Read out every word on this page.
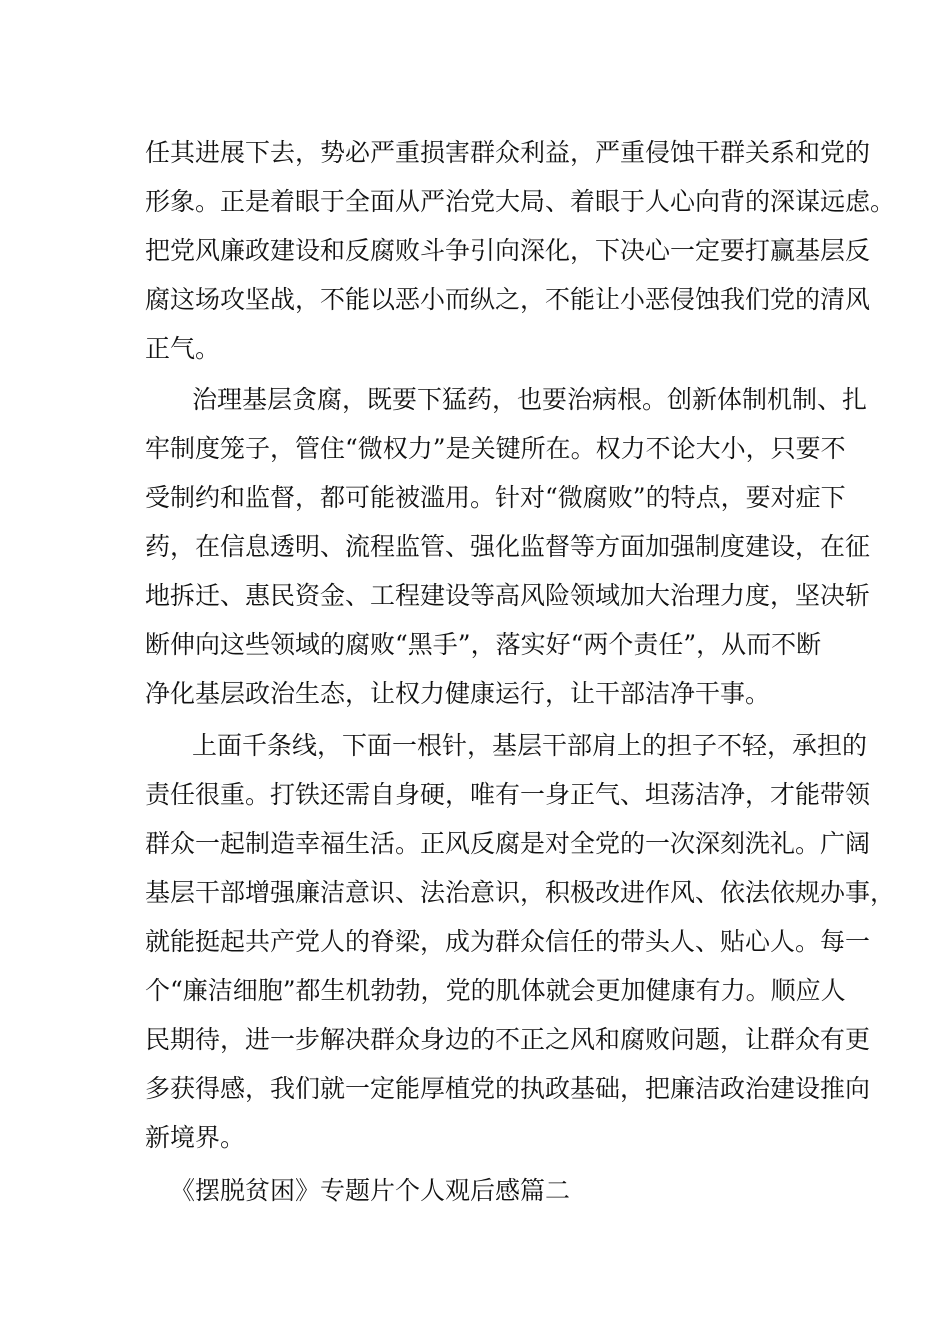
任其进展下去，势必严重损害群众利益，严重侵蚀干群关系和党的
形象。正是着眼于全面从严治党大局、着眼于人心向背的深谋远虑。
把党风廉政建设和反腐败斗争引向深化，下决心一定要打赢基层反
腐这场攻坚战，不能以恶小而纵之，不能让小恶侵蚀我们党的清风
正气。
治理基层贪腐，既要下猛药，也要治病根。创新体制机制、扎
牢制度笼子，管住“微权力”是关键所在。权力不论大小，只要不
受制约和监督，都可能被滥用。针对“微腐败”的特点，要对症下
药，在信息透明、流程监管、强化监督等方面加强制度建设，在征
地拆迁、惠民资金、工程建设等高风险领域加大治理力度，坚决斩
断伸向这些领域的腐败“黑手”，落实好“两个责任”，从而不断
净化基层政治生态，让权力健康运行，让干部洁净干事。
上面千条线，下面一根针，基层干部肩上的担子不轻，承担的
责任很重。打铁还需自身硬，唯有一身正气、坦荡洁净，才能带领
群众一起制造幸福生活。正风反腐是对全党的一次深刻洗礼。广阔
基层干部增强廉洁意识、法治意识，积极改进作风、依法依规办事，
就能挺起共产党人的脊梁，成为群众信任的带头人、贴心人。每一
个“廉洁细胞”都生机勃勃，党的肌体就会更加健康有力。顺应人
民期待，进一步解决群众身边的不正之风和腐败问题，让群众有更
多获得感，我们就一定能厚植党的执政基础，把廉洁政治建设推向
新境界。
《摆脱贫困》专题片个人观后感篇二
